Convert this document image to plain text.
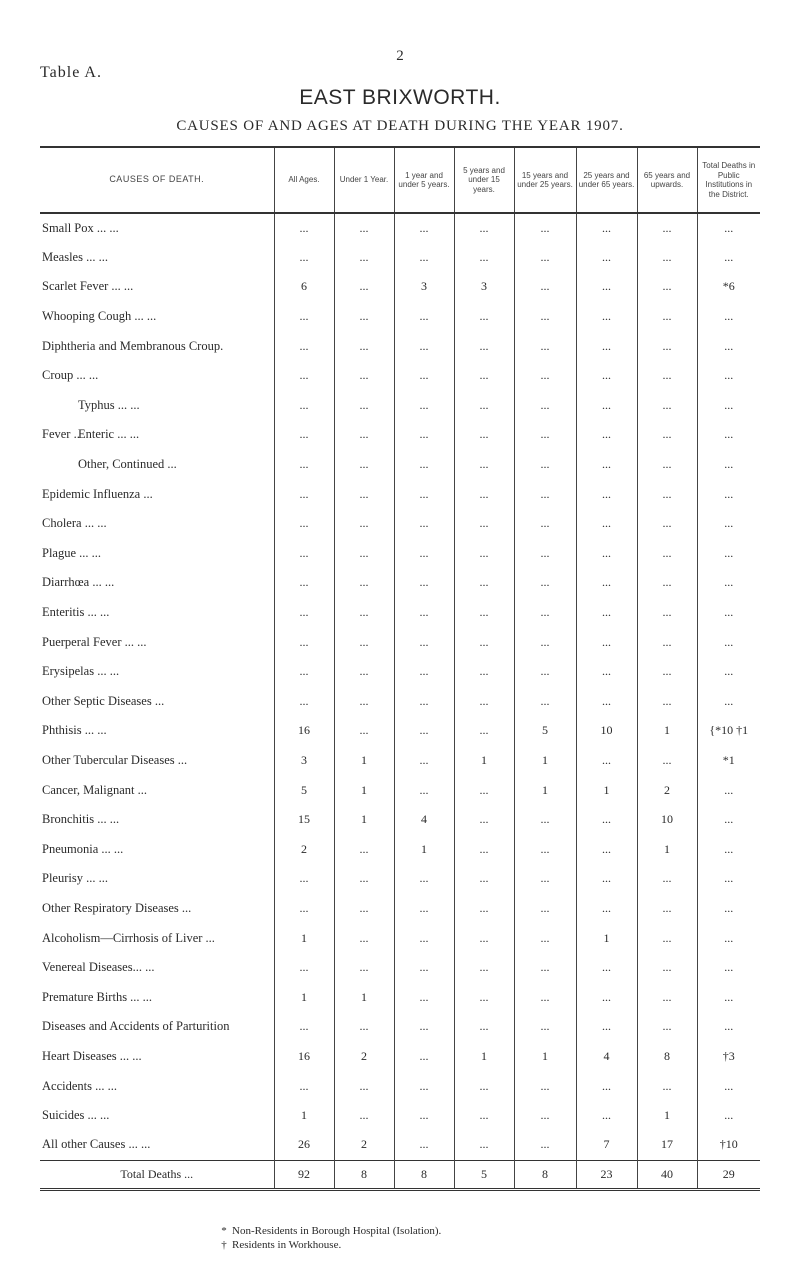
2
Table A.
EAST BRIXWORTH.
CAUSES OF AND AGES AT DEATH DURING THE YEAR 1907.
CAUSES OF DEATH.	All Ages.	Under 1 Year.	1 year and under 5 years.	5 years and under 15 years.	15 years and under 25 years.	25 years and under 65 years.	65 years and upwards.	Total Deaths in Public Institutions in the District.
Small Pox ... ...	...	...	...	...	...	...	...	...
Measles ... ...	...	...	...	...	...	...	...	...
Scarlet Fever ... ...	6	...	3	3	...	...	...	*6
Whooping Cough ... ...	...	...	...	...	...	...	...	...
Diphtheria and Membranous Croup.	...	...	...	...	...	...	...	...
Croup ... ...	...	...	...	...	...	...	...	...
Typhus ... ...	...	...	...	...	...	...	...	...
Fever ..Enteric ... ...	...	...	...	...	...	...	...	...
Other, Continued ...	...	...	...	...	...	...	...	...
Epidemic Influenza ...	...	...	...	...	...	...	...	...
Cholera ... ...	...	...	...	...	...	...	...	...
Plague ... ...	...	...	...	...	...	...	...	...
Diarrhœa ... ...	...	...	...	...	...	...	...	...
Enteritis ... ...	...	...	...	...	...	...	...	...
Puerperal Fever ... ...	...	...	...	...	...	...	...	...
Erysipelas ... ...	...	...	...	...	...	...	...	...
Other Septic Diseases ...	...	...	...	...	...	...	...	...
Phthisis ... ...	16	...	...	...	5	10	1	{*10 †1
Other Tubercular Diseases ...	3	1	...	1	1	...	...	*1
Cancer, Malignant ...	5	1	...	...	1	1	2	...
Bronchitis ... ...	15	1	4	...	...	...	10	...
Pneumonia ... ...	2	...	1	...	...	...	1	...
Pleurisy ... ...	...	...	...	...	...	...	...	...
Other Respiratory Diseases ...	...	...	...	...	...	...	...	...
Alcoholism—Cirrhosis of Liver ...	1	...	...	...	...	1	...	...
Venereal Diseases... ...	...	...	...	...	...	...	...	...
Premature Births ... ...	1	1	...	...	...	...	...	...
Diseases and Accidents of Parturition	...	...	...	...	...	...	...	...
Heart Diseases ... ...	16	2	...	1	1	4	8	†3
Accidents ... ...	...	...	...	...	...	...	...	...
Suicides ... ...	1	...	...	...	...	...	1	...
All other Causes ... ...	26	2	...	...	...	7	17	†10
Total Deaths ...	92	8	8	5	8	23	40	29
* Non-Residents in Borough Hospital (Isolation).
† Residents in Workhouse.
